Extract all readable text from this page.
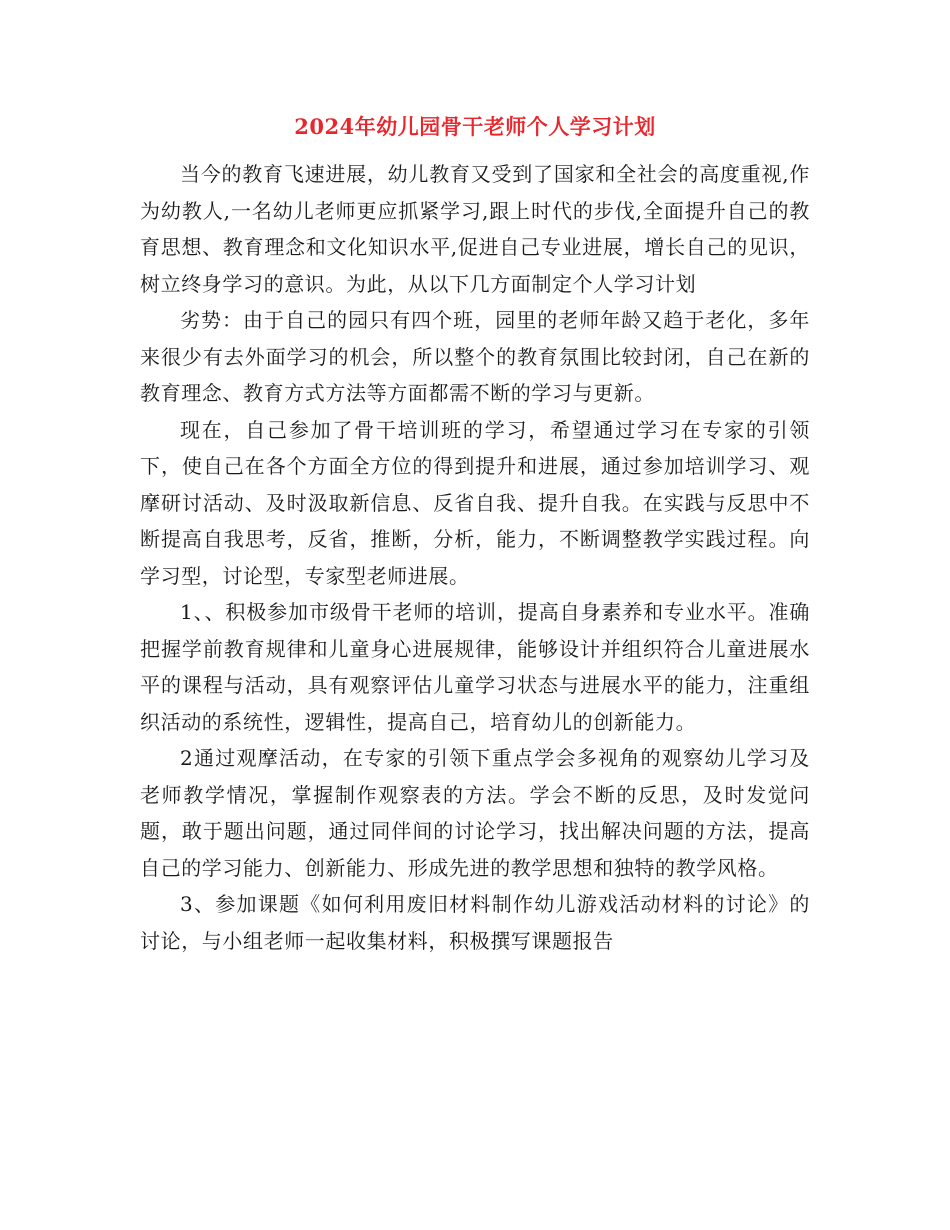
2024年幼儿园骨干老师个人学习计划

当今的教育飞速进展，幼儿教育又受到了国家和全社会的高度重视,作为幼教人,一名幼儿老师更应抓紧学习,跟上时代的步伐,全面提升自己的教育思想、教育理念和文化知识水平,促进自己专业进展，增长自己的见识，树立终身学习的意识。为此，从以下几方面制定个人学习计划

劣势：由于自己的园只有四个班，园里的老师年龄又趋于老化，多年来很少有去外面学习的机会，所以整个的教育氛围比较封闭，自己在新的教育理念、教育方式方法等方面都需不断的学习与更新。

现在，自己参加了骨干培训班的学习，希望通过学习在专家的引领下，使自己在各个方面全方位的得到提升和进展，通过参加培训学习、观摩研讨活动、及时汲取新信息、反省自我、提升自我。在实践与反思中不断提高自我思考，反省，推断，分析，能力，不断调整教学实践过程。向学习型，讨论型，专家型老师进展。

1、、积极参加市级骨干老师的培训，提高自身素养和专业水平。准确把握学前教育规律和儿童身心进展规律，能够设计并组织符合儿童进展水平的课程与活动，具有观察评估儿童学习状态与进展水平的能力，注重组织活动的系统性，逻辑性，提高自己，培育幼儿的创新能力。

2通过观摩活动，在专家的引领下重点学会多视角的观察幼儿学习及老师教学情况，掌握制作观察表的方法。学会不断的反思，及时发觉问题，敢于题出问题，通过同伴间的讨论学习，找出解决问题的方法，提高自己的学习能力、创新能力、形成先进的教学思想和独特的教学风格。

3、参加课题《如何利用废旧材料制作幼儿游戏活动材料的讨论》的讨论，与小组老师一起收集材料，积极撰写课题报告
